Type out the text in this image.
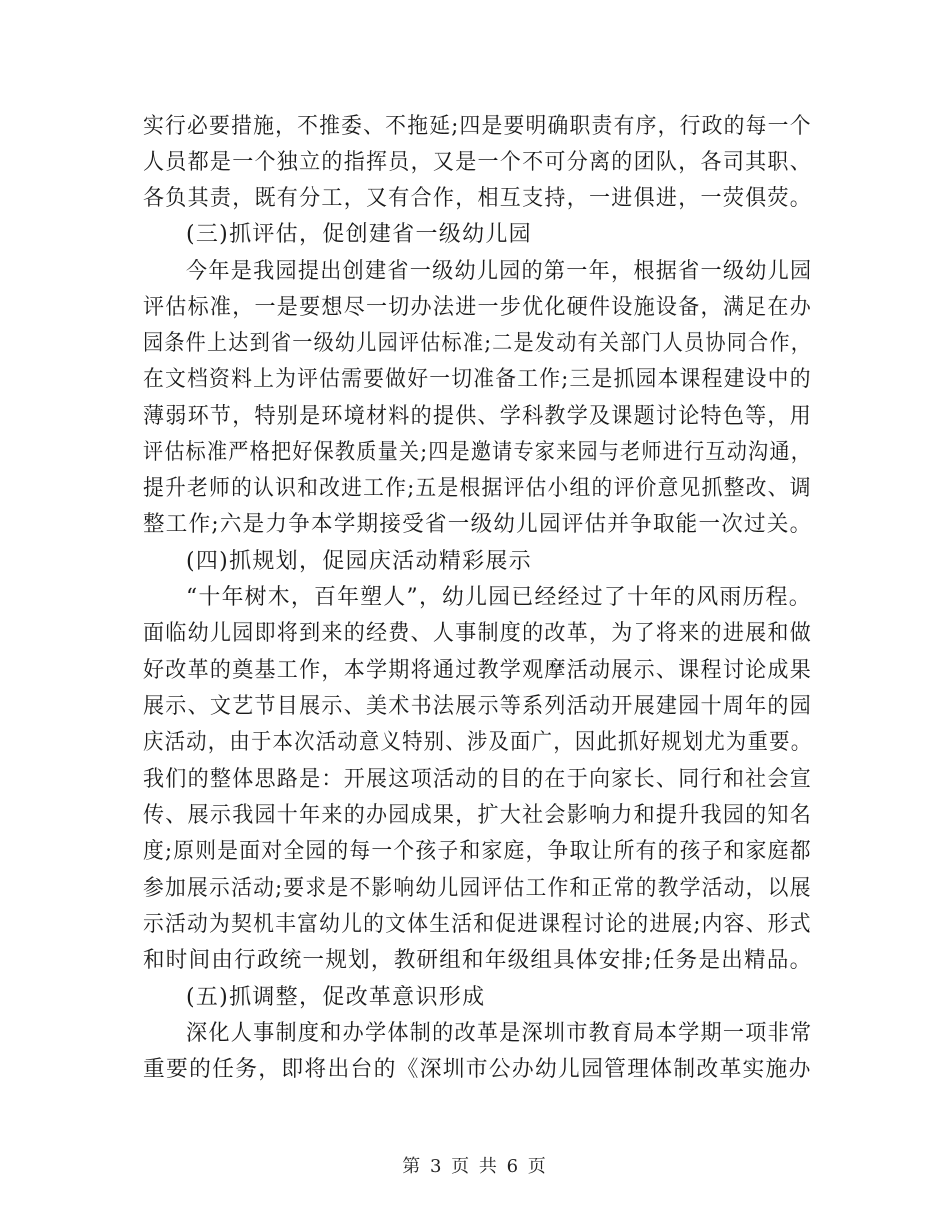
实行必要措施，不推委、不拖延;四是要明确职责有序，行政的每一个
人员都是一个独立的指挥员，又是一个不可分离的团队，各司其职、
各负其责，既有分工，又有合作，相互支持，一进俱进，一荧俱荧。
(三)抓评估，促创建省一级幼儿园
今年是我园提出创建省一级幼儿园的第一年，根据省一级幼儿园
评估标准，一是要想尽一切办法进一步优化硬件设施设备，满足在办
园条件上达到省一级幼儿园评估标准;二是发动有关部门人员协同合作，
在文档资料上为评估需要做好一切准备工作;三是抓园本课程建设中的
薄弱环节，特别是环境材料的提供、学科教学及课题讨论特色等，用
评估标准严格把好保教质量关;四是邀请专家来园与老师进行互动沟通，
提升老师的认识和改进工作;五是根据评估小组的评价意见抓整改、调
整工作;六是力争本学期接受省一级幼儿园评估并争取能一次过关。
(四)抓规划，促园庆活动精彩展示
“十年树木，百年塑人”，幼儿园已经经过了十年的风雨历程。
面临幼儿园即将到来的经费、人事制度的改革，为了将来的进展和做
好改革的奠基工作，本学期将通过教学观摩活动展示、课程讨论成果
展示、文艺节目展示、美术书法展示等系列活动开展建园十周年的园
庆活动，由于本次活动意义特别、涉及面广，因此抓好规划尤为重要。
我们的整体思路是：开展这项活动的目的在于向家长、同行和社会宣
传、展示我园十年来的办园成果，扩大社会影响力和提升我园的知名
度;原则是面对全园的每一个孩子和家庭，争取让所有的孩子和家庭都
参加展示活动;要求是不影响幼儿园评估工作和正常的教学活动，以展
示活动为契机丰富幼儿的文体生活和促进课程讨论的进展;内容、形式
和时间由行政统一规划，教研组和年级组具体安排;任务是出精品。
(五)抓调整，促改革意识形成
深化人事制度和办学体制的改革是深圳市教育局本学期一项非常
重要的任务，即将出台的《深圳市公办幼儿园管理体制改革实施办
第 3 页 共 6 页
